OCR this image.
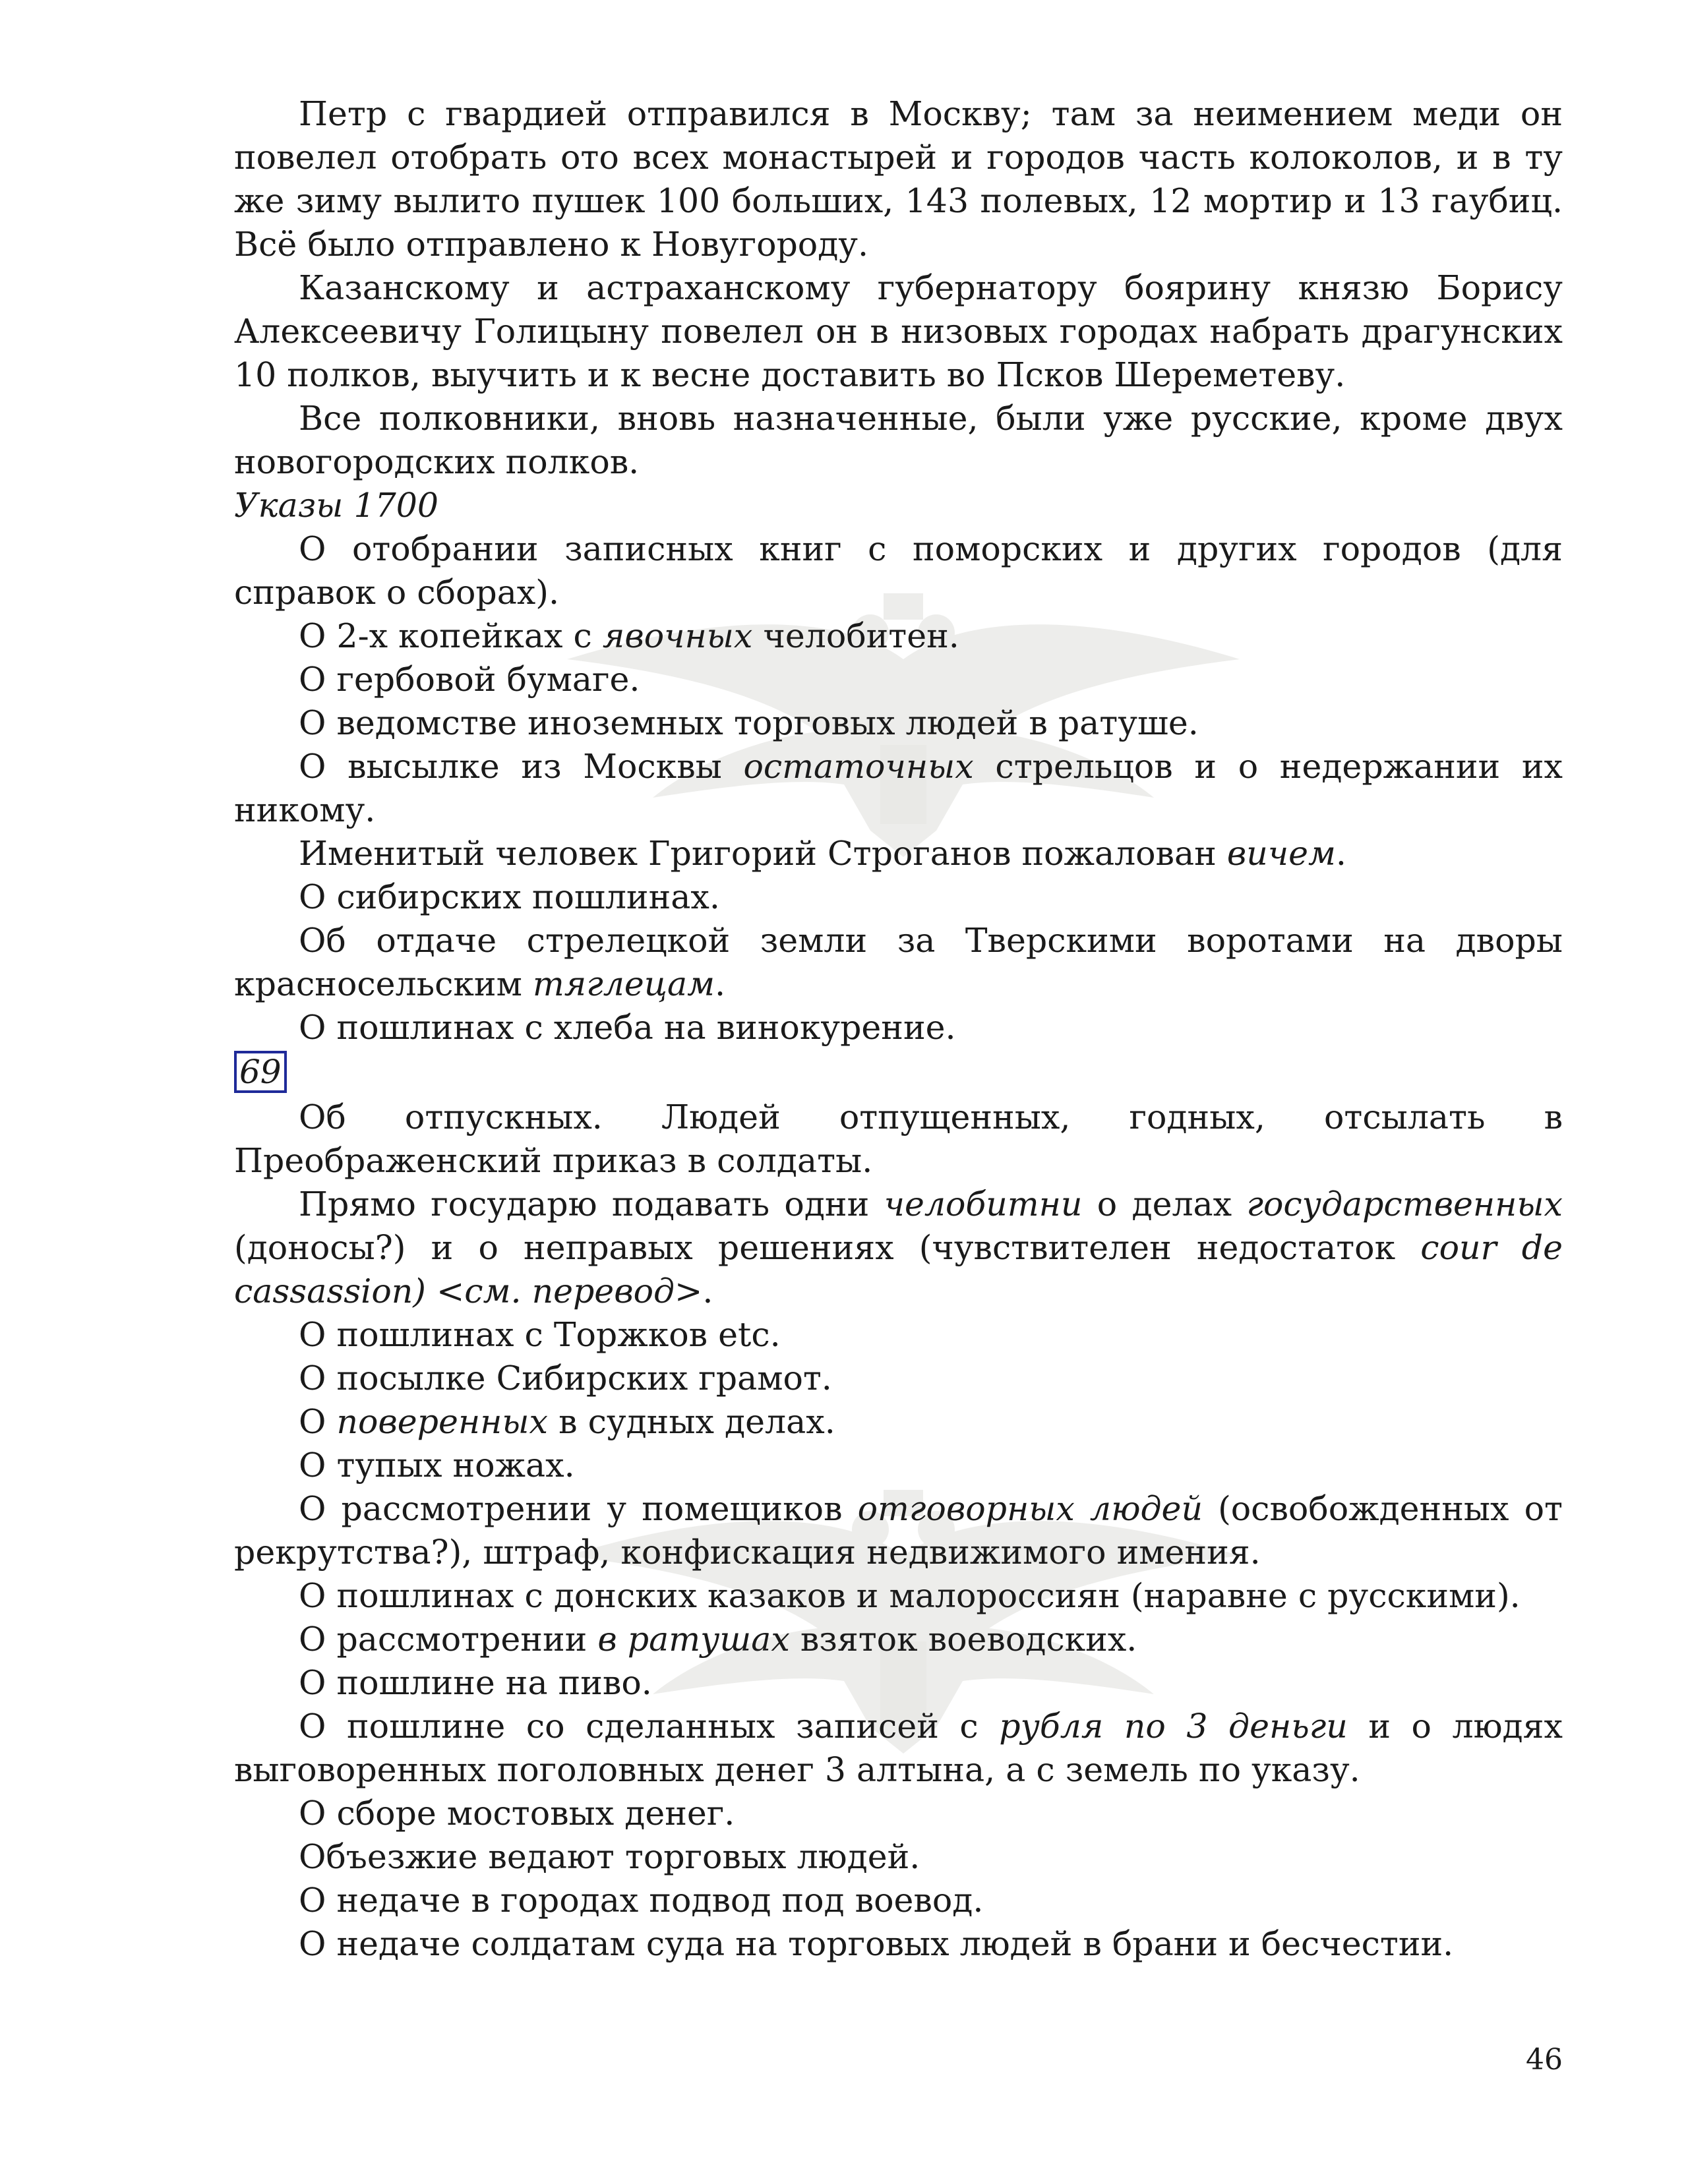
Петр с гвардией отправился в Москву; там за неимением меди он повелел отобрать ото всех монастырей и городов часть колоколов, и в ту же зиму вылито пушек 100 больших, 143 полевых, 12 мортир и 13 гаубиц. Всё было отправлено к Новугороду.

Казанскому и астраханскому губернатору боярину князю Борису Алексеевичу Голицыну повелел он в низовых городах набрать драгунских 10 полков, выучить и к весне доставить во Псков Шереметеву.

Все полковники, вновь назначенные, были уже русские, кроме двух новогородских полков.

Указы 1700

О отобрании записных книг с поморских и других городов (для справок о сборах).

О 2-х копейках с явочных челобитен.

О гербовой бумаге.

О ведомстве иноземных торговых людей в ратуше.

О высылке из Москвы остаточных стрельцов и о недержании их никому.

Именитый человек Григорий Строганов пожалован вичем.

О сибирских пошлинах.

Об отдаче стрелецкой земли за Тверскими воротами на дворы красносельским тяглецам.

О пошлинах с хлеба на винокурение.

69

Об отпускных. Людей отпущенных, годных, отсылать в Преображенский приказ в солдаты.

Прямо государю подавать одни челобитни о делах государственных (доносы?) и о неправых решениях (чувствителен недостаток cour de cassassion) <см. перевод>.

О пошлинах с Торжков etc.

О посылке Сибирских грамот.

О поверенных в судных делах.

О тупых ножах.

О рассмотрении у помещиков отговорных людей (освобожденных от рекрутства?), штраф, конфискация недвижимого имения.

О пошлинах с донских казаков и малороссиян (наравне с русскими).

О рассмотрении в ратушах взяток воеводских.

О пошлине на пиво.

О пошлине со сделанных записей с рубля по 3 деньги и о людях выговоренных поголовных денег 3 алтына, а с земель по указу.

О сборе мостовых денег.

Объезжие ведают торговых людей.

О недаче в городах подвод под воевод.

О недаче солдатам суда на торговых людей в брани и бесчестии.

46
